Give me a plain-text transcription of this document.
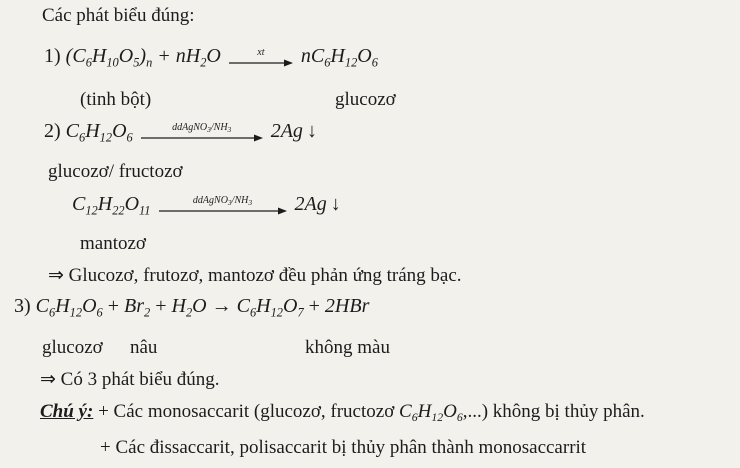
Các phát biểu đúng:
1) $(C_6H_{10}O_5)_n + nH_2O$	xt $nC_6H_{12}O_6$
(tinh bột)	glucozơ
2) $C_6H_{12}O_6$
$ddAgNO_3/NH_3$ 2Ag ↓
glucozơ/ fructozơ
$C_{12}H_{22}O_{11}$
$ddAgNO_3/NH_3$ 2Ag ↓
mantozơ
⇒ Glucozơ, frutozơ, mantozơ đều phản ứng tráng bạc.
3) $C_6H_{12}O_6 + Br_2 + H_2O \to C_6H_{12}O_7 + 2HBr$
glucozơ nâu	không màu
⇒ Có 3 phát biểu đúng.
Chú ý: + Các monosaccarit (glucozơ, fructozơ $C_6H_{12}O_6$,...) không bị thủy phân.
+ Các đissaccarit, polisaccarit bị thủy phân thành monosaccarrit
